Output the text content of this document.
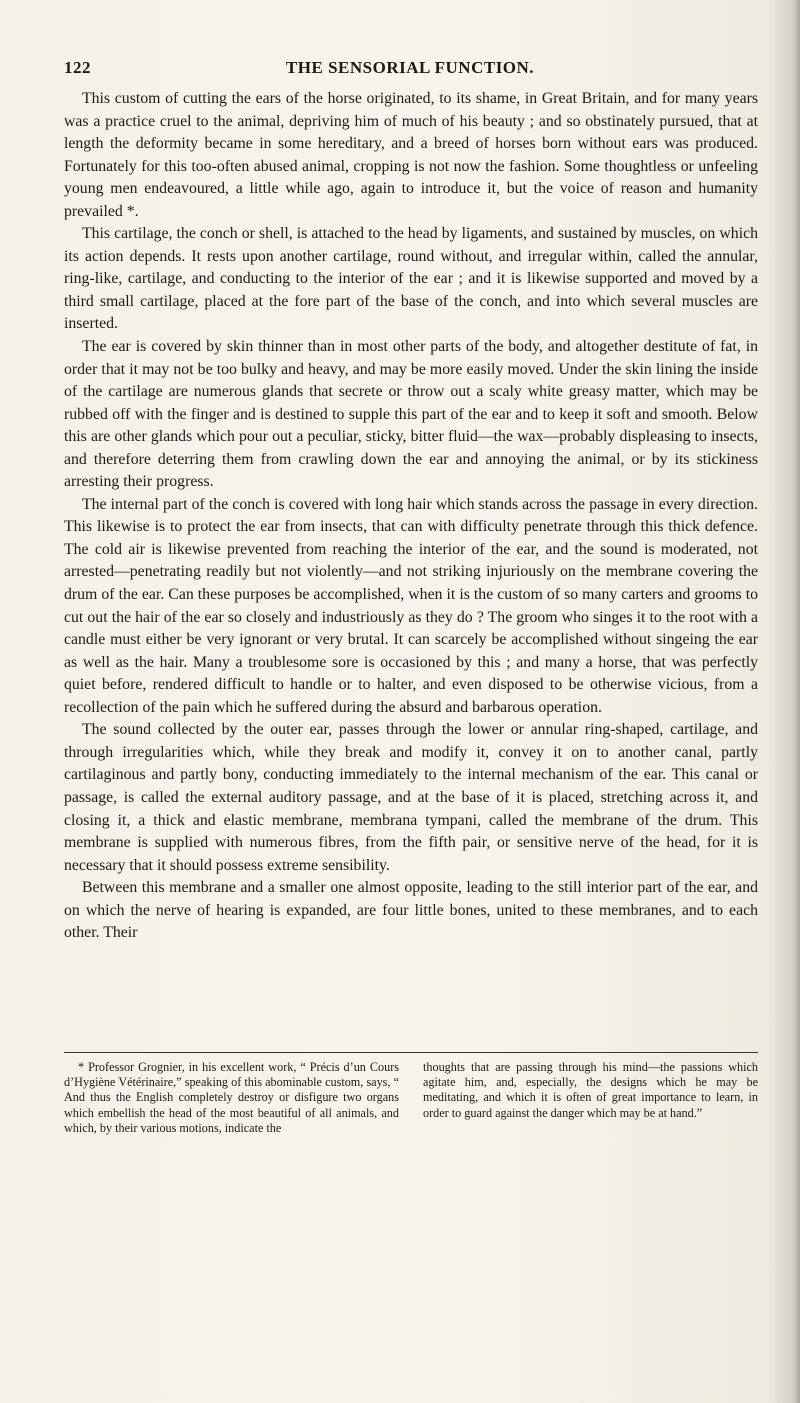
122	THE SENSORIAL FUNCTION.

This custom of cutting the ears of the horse originated, to its shame, in Great Britain, and for many years was a practice cruel to the animal, depriving him of much of his beauty ; and so obstinately pursued, that at length the deformity became in some hereditary, and a breed of horses born without ears was produced. Fortunately for this too-often abused animal, cropping is not now the fashion. Some thoughtless or unfeeling young men endeavoured, a little while ago, again to introduce it, but the voice of reason and humanity prevailed *.

This cartilage, the conch or shell, is attached to the head by ligaments, and sustained by muscles, on which its action depends. It rests upon another cartilage, round without, and irregular within, called the annular, ring-like, cartilage, and conducting to the interior of the ear ; and it is likewise supported and moved by a third small cartilage, placed at the fore part of the base of the conch, and into which several muscles are inserted.

The ear is covered by skin thinner than in most other parts of the body, and altogether destitute of fat, in order that it may not be too bulky and heavy, and may be more easily moved. Under the skin lining the inside of the cartilage are numerous glands that secrete or throw out a scaly white greasy matter, which may be rubbed off with the finger and is destined to supple this part of the ear and to keep it soft and smooth. Below this are other glands which pour out a peculiar, sticky, bitter fluid—the wax—probably displeasing to insects, and therefore deterring them from crawling down the ear and annoying the animal, or by its stickiness arresting their progress.

The internal part of the conch is covered with long hair which stands across the passage in every direction. This likewise is to protect the ear from insects, that can with difficulty penetrate through this thick defence. The cold air is likewise prevented from reaching the interior of the ear, and the sound is moderated, not arrested—penetrating readily but not violently—and not striking injuriously on the membrane covering the drum of the ear. Can these purposes be accomplished, when it is the custom of so many carters and grooms to cut out the hair of the ear so closely and industriously as they do ? The groom who singes it to the root with a candle must either be very ignorant or very brutal. It can scarcely be accomplished without singeing the ear as well as the hair. Many a troublesome sore is occasioned by this ; and many a horse, that was perfectly quiet before, rendered difficult to handle or to halter, and even disposed to be otherwise vicious, from a recollection of the pain which he suffered during the absurd and barbarous operation.

The sound collected by the outer ear, passes through the lower or annular ring-shaped, cartilage, and through irregularities which, while they break and modify it, convey it on to another canal, partly cartilaginous and partly bony, conducting immediately to the internal mechanism of the ear. This canal or passage, is called the external auditory passage, and at the base of it is placed, stretching across it, and closing it, a thick and elastic membrane, membrana tympani, called the membrane of the drum. This membrane is supplied with numerous fibres, from the fifth pair, or sensitive nerve of the head, for it is necessary that it should possess extreme sensibility.

Between this membrane and a smaller one almost opposite, leading to the still interior part of the ear, and on which the nerve of hearing is expanded, are four little bones, united to these membranes, and to each other. Their

* Professor Grognier, in his excellent work, “ Précis d’un Cours d’Hygiène Vétérinaire,” speaking of this abominable custom, says, “ And thus the English completely destroy or disfigure two organs which embellish the head of the most beautiful of all animals, and which, by their various motions, indicate the
thoughts that are passing through his mind—the passions which agitate him, and, especially, the designs which he may be meditating, and which it is often of great importance to learn, in order to guard against the danger which may be at hand.”
